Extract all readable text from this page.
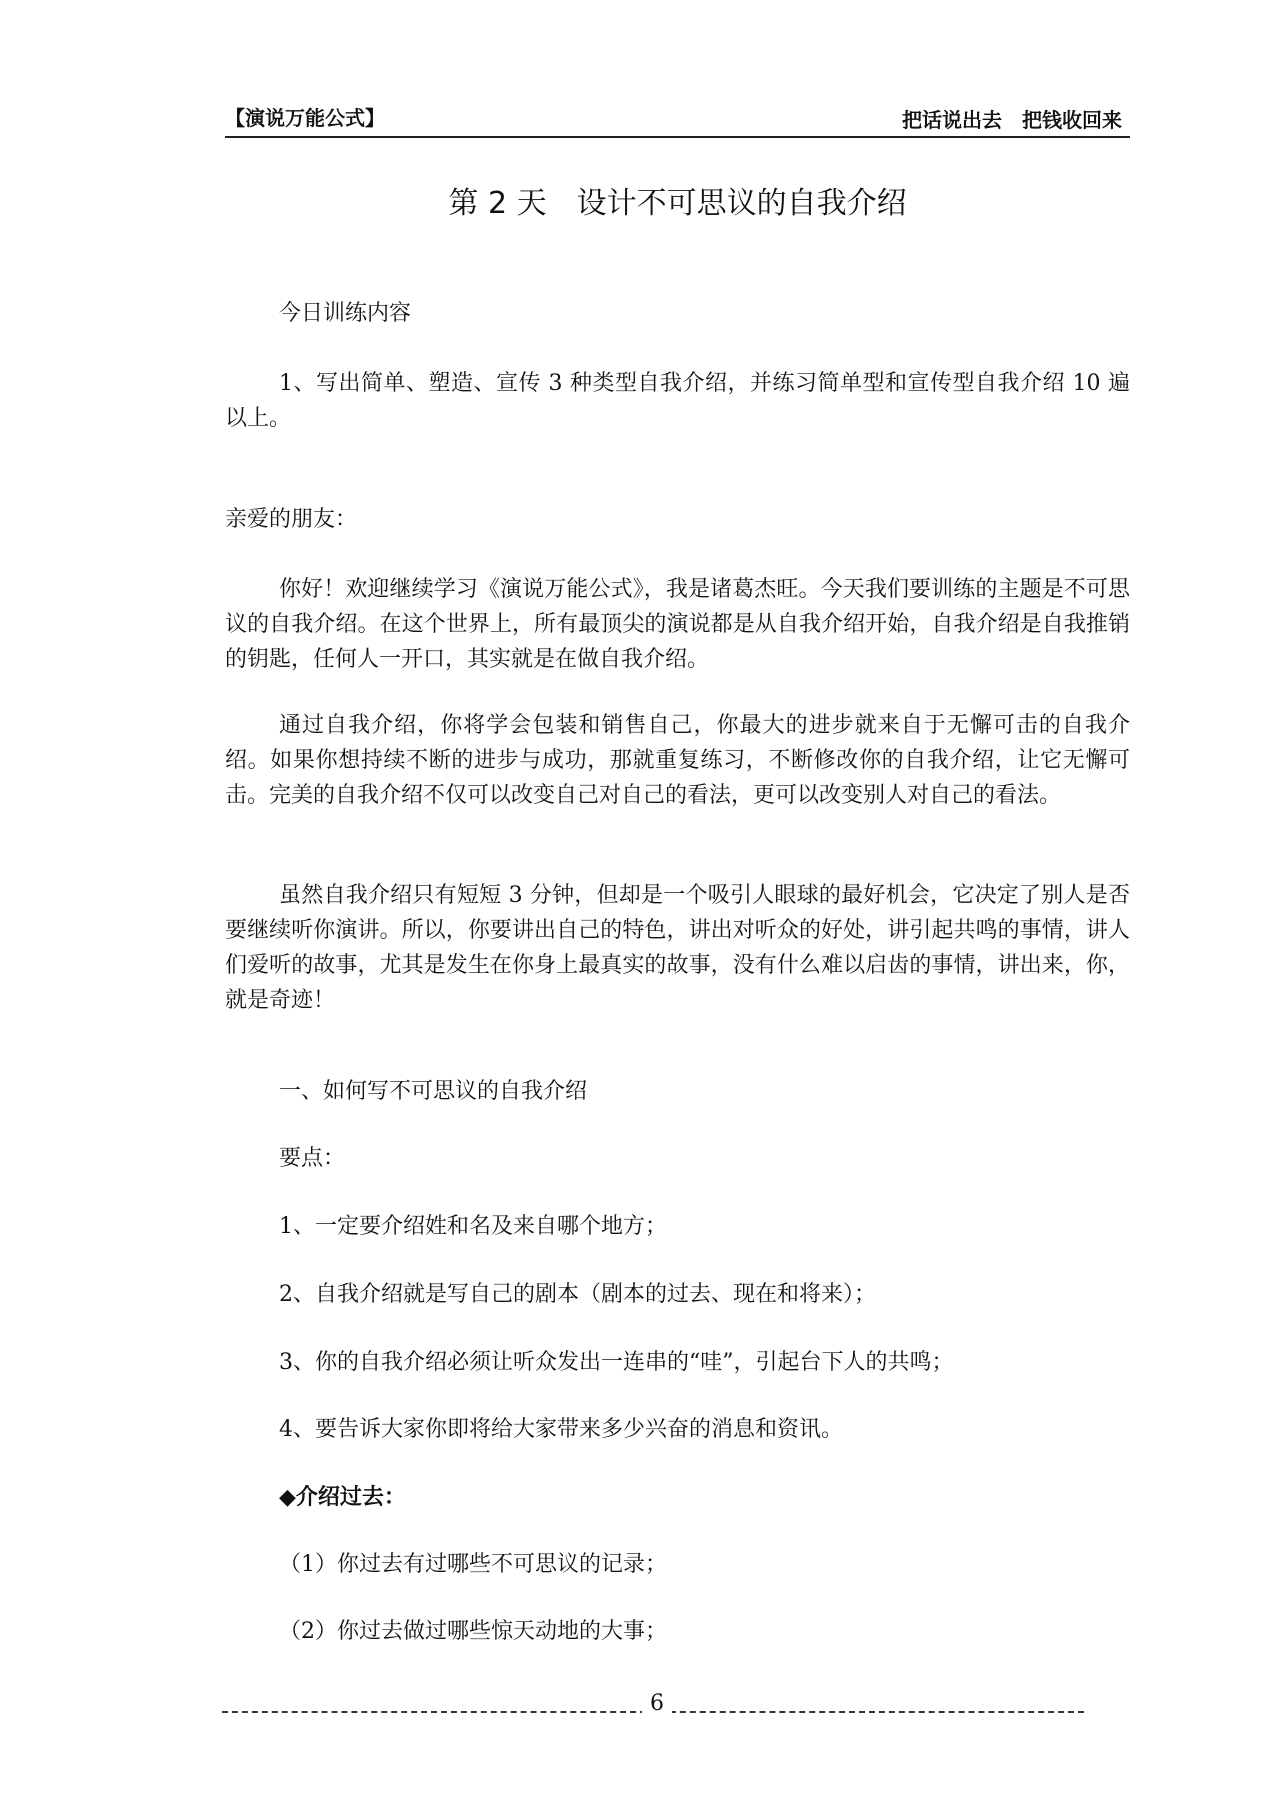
【演说万能公式】	把话说出去　把钱收回来
第 2 天　设计不可思议的自我介绍

今日训练内容

1、写出简单、塑造、宣传 3 种类型自我介绍，并练习简单型和宣传型自我介绍 10 遍以上。

亲爱的朋友：

你好！欢迎继续学习《演说万能公式》，我是诸葛杰旺。今天我们要训练的主题是不可思议的自我介绍。在这个世界上，所有最顶尖的演说都是从自我介绍开始，自我介绍是自我推销的钥匙，任何人一开口，其实就是在做自我介绍。

通过自我介绍，你将学会包装和销售自己，你最大的进步就来自于无懈可击的自我介绍。如果你想持续不断的进步与成功，那就重复练习，不断修改你的自我介绍，让它无懈可击。完美的自我介绍不仅可以改变自己对自己的看法，更可以改变别人对自己的看法。

虽然自我介绍只有短短 3 分钟，但却是一个吸引人眼球的最好机会，它决定了别人是否要继续听你演讲。所以，你要讲出自己的特色，讲出对听众的好处，讲引起共鸣的事情，讲人们爱听的故事，尤其是发生在你身上最真实的故事，没有什么难以启齿的事情，讲出来，你，就是奇迹！

一、如何写不可思议的自我介绍

要点：

1、一定要介绍姓和名及来自哪个地方；

2、自我介绍就是写自己的剧本（剧本的过去、现在和将来）；

3、你的自我介绍必须让听众发出一连串的“哇”，引起台下人的共鸣；

4、要告诉大家你即将给大家带来多少兴奋的消息和资讯。

◆介绍过去：

（1）你过去有过哪些不可思议的记录；

（2）你过去做过哪些惊天动地的大事；

6
